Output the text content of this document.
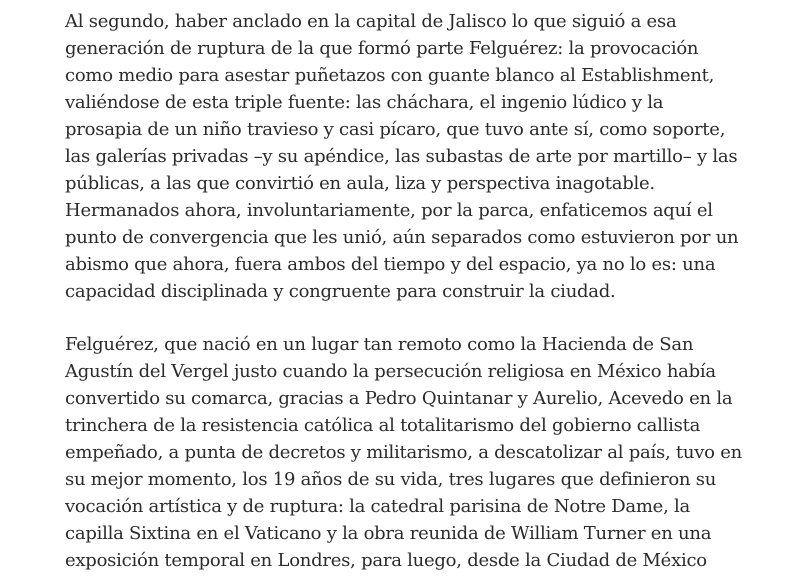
Al segundo, haber anclado en la capital de Jalisco lo que siguió a esa
generación de ruptura de la que formó parte Felguérez: la provocación
como medio para asestar puñetazos con guante blanco al Establishment,
valiéndose de esta triple fuente: las cháchara, el ingenio lúdico y la
prosapia de un niño travieso y casi pícaro, que tuvo ante sí, como soporte,
las galerías privadas –y su apéndice, las subastas de arte por martillo– y las
públicas, a las que convirtió en aula, liza y perspectiva inagotable.
Hermanados ahora, involuntariamente, por la parca, enfaticemos aquí el
punto de convergencia que les unió, aún separados como estuvieron por un
abismo que ahora, fuera ambos del tiempo y del espacio, ya no lo es: una
capacidad disciplinada y congruente para construir la ciudad.

Felguérez, que nació en un lugar tan remoto como la Hacienda de San
Agustín del Vergel justo cuando la persecución religiosa en México había
convertido su comarca, gracias a Pedro Quintanar y Aurelio, Acevedo en la
trinchera de la resistencia católica al totalitarismo del gobierno callista
empeñado, a punta de decretos y militarismo, a descatolizar al país, tuvo en
su mejor momento, los 19 años de su vida, tres lugares que definieron su
vocación artística y de ruptura: la catedral parisina de Notre Dame, la
capilla Sixtina en el Vaticano y la obra reunida de William Turner en una
exposición temporal en Londres, para luego, desde la Ciudad de México
